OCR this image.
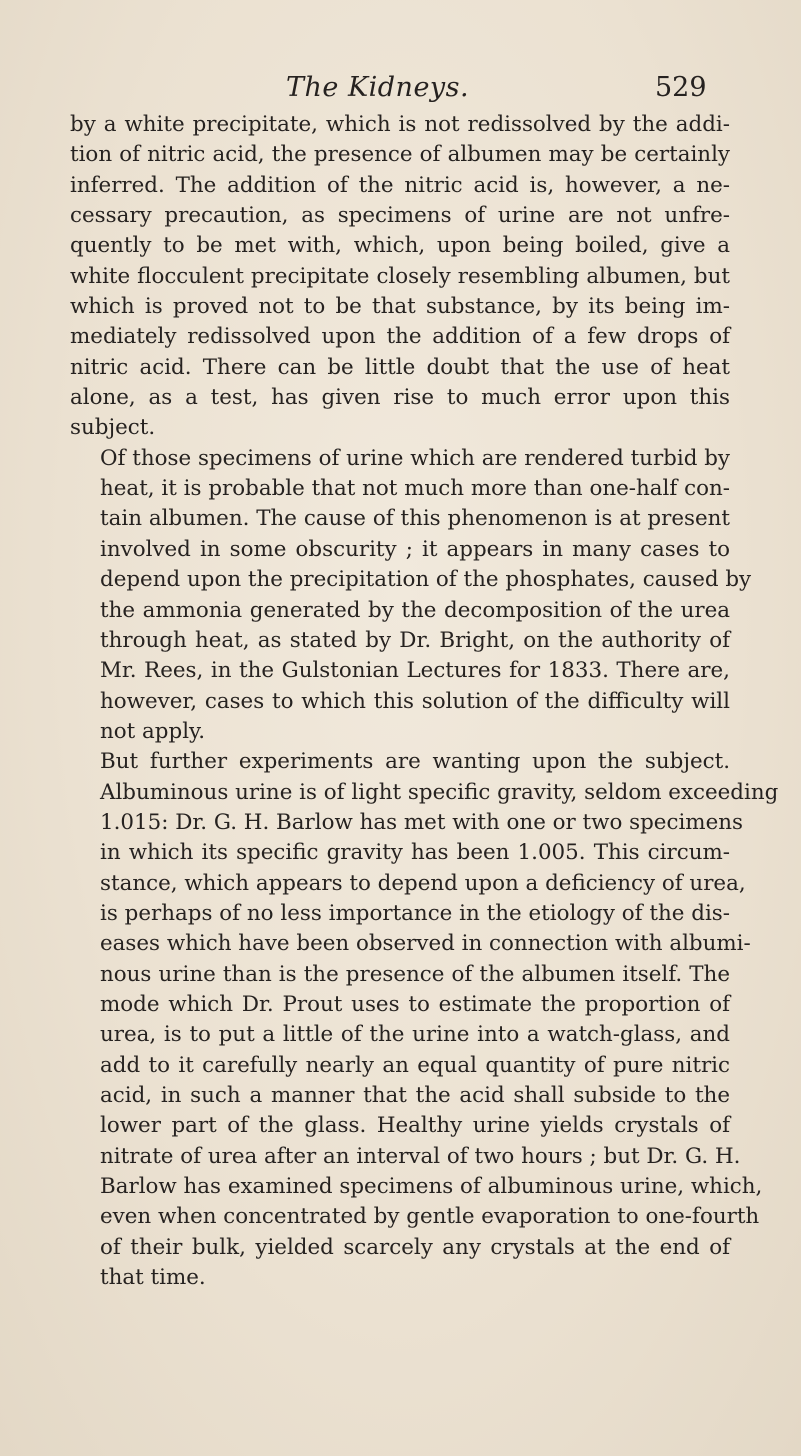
The Kidneys.	529

by a white precipitate, which is not redissolved by the addi-
tion of nitric acid, the presence of albumen may be certainly
inferred. The addition of the nitric acid is, however, a ne-
cessary precaution, as specimens of urine are not unfre-
quently to be met with, which, upon being boiled, give a
white flocculent precipitate closely resembling albumen, but
which is proved not to be that substance, by its being im-
mediately redissolved upon the addition of a few drops of
nitric acid. There can be little doubt that the use of heat
alone, as a test, has given rise to much error upon this
subject.

Of those specimens of urine which are rendered turbid by
heat, it is probable that not much more than one-half con-
tain albumen. The cause of this phenomenon is at present
involved in some obscurity ; it appears in many cases to
depend upon the precipitation of the phosphates, caused by
the ammonia generated by the decomposition of the urea
through heat, as stated by Dr. Bright, on the authority of
Mr. Rees, in the Gulstonian Lectures for 1833. There are,
however, cases to which this solution of the difficulty will
not apply.

But further experiments are wanting upon the subject.
Albuminous urine is of light specific gravity, seldom exceeding
1.015: Dr. G. H. Barlow has met with one or two specimens
in which its specific gravity has been 1.005. This circum-
stance, which appears to depend upon a deficiency of urea,
is perhaps of no less importance in the etiology of the dis-
eases which have been observed in connection with albumi-
nous urine than is the presence of the albumen itself. The
mode which Dr. Prout uses to estimate the proportion of
urea, is to put a little of the urine into a watch-glass, and
add to it carefully nearly an equal quantity of pure nitric
acid, in such a manner that the acid shall subside to the
lower part of the glass. Healthy urine yields crystals of
nitrate of urea after an interval of two hours ; but Dr. G. H.
Barlow has examined specimens of albuminous urine, which,
even when concentrated by gentle evaporation to one-fourth
of their bulk, yielded scarcely any crystals at the end of
that time.
